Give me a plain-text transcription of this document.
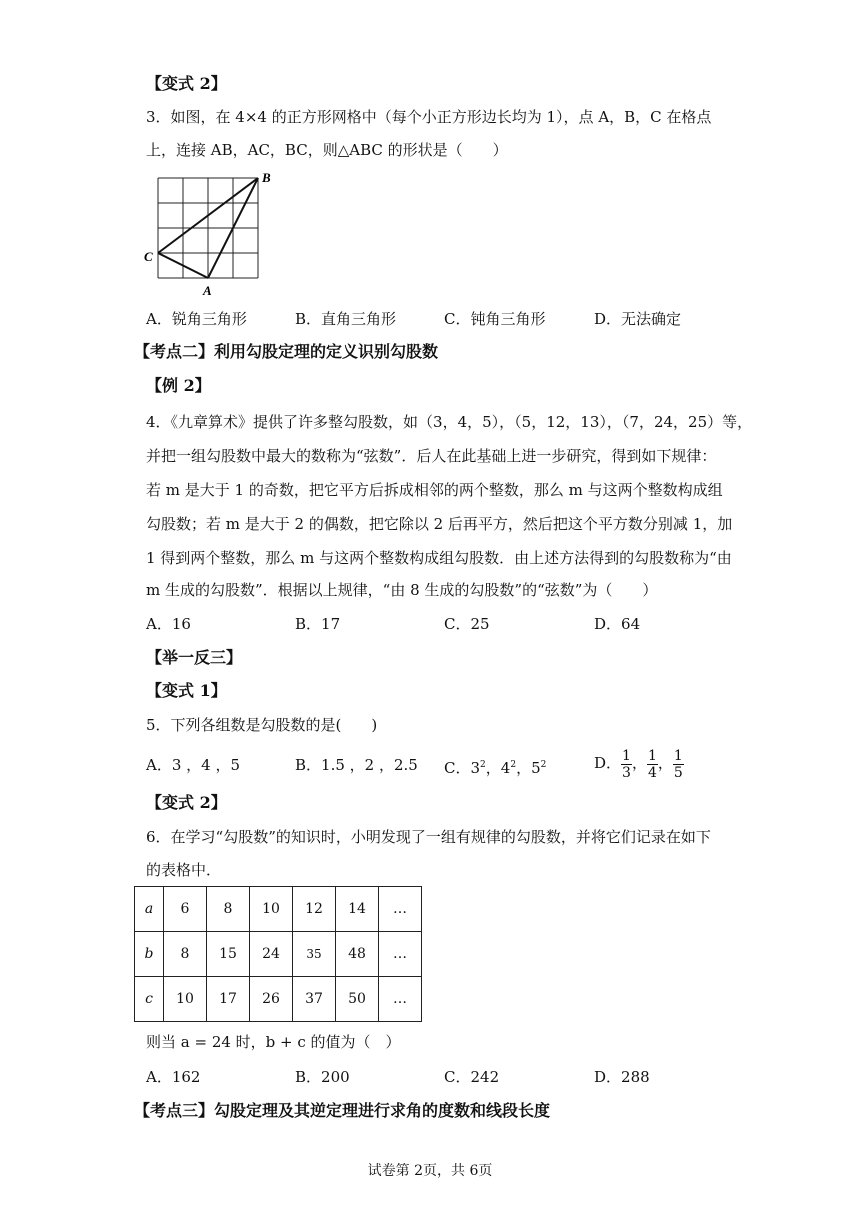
【变式 2】
3．如图，在 4×4 的正方形网格中（每个小正方形边长均为 1），点 A，B，C 在格点
上，连接 AB，AC，BC，则△ABC 的形状是（　　）
B
C
A
A．锐角三角形	B．直角三角形	C．钝角三角形	D．无法确定
【考点二】利用勾股定理的定义识别勾股数
【例 2】
4．《九章算术》提供了许多整勾股数，如（3，4，5），（5，12，13），（7，24，25）等，
并把一组勾股数中最大的数称为“弦数”．后人在此基础上进一步研究，得到如下规律：
若 m 是大于 1 的奇数，把它平方后拆成相邻的两个整数，那么 m 与这两个整数构成组
勾股数；若 m 是大于 2 的偶数，把它除以 2 后再平方，然后把这个平方数分别减 1，加
1 得到两个整数，那么 m 与这两个整数构成组勾股数．由上述方法得到的勾股数称为“由
m 生成的勾股数”．根据以上规律，“由 8 生成的勾股数”的“弦数”为（　　）
A．16	B．17	C．25	D．64
【举一反三】
【变式 1】
5．下列各组数是勾股数的是(　　)
A．3 ，4 ，5	B．1.5 ，2 ，2.5 C．$3^2$，$4^2$，$5^2$	D． $\frac{1}{3}$ ， $\frac{1}{4}$ ， $\frac{1}{5}$
【变式 2】
6．在学习“勾股数”的知识时，小明发现了一组有规律的勾股数，并将它们记录在如下
的表格中．
a	6	8	10	12	14	…
b	8	15	24	35	48	…
c	10	17	26	37	50	…
则当 a = 24 时，b + c 的值为（　）
A．162	B．200	C．242	D．288
【考点三】勾股定理及其逆定理进行求角的度数和线段长度
试卷第 2页，共 6页
